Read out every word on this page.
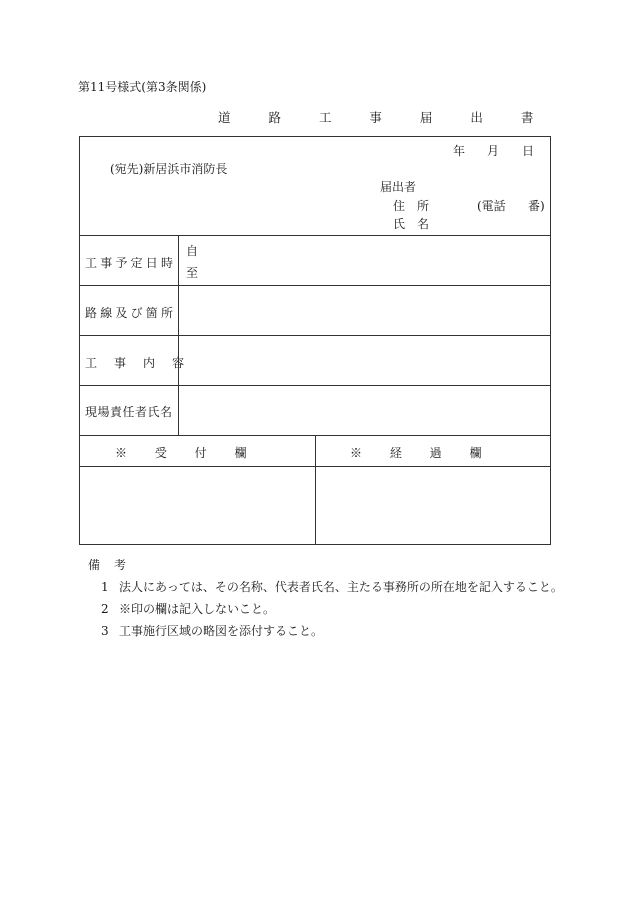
第11号様式(第3条関係)
道 路 工 事 届 出 書
年 月 日
(宛先)新居浜市消防長
届出者
住　所	(電話 番)
氏　名
工事予定日時
自
至
路線及び箇所
工事内容
現場責任者氏名
※ 受 付 欄	※ 経 過 欄
備考
1 法人にあっては、その名称、代表者氏名、主たる事務所の所在地を記入すること。
2 ※印の欄は記入しないこと。
3 工事施行区域の略図を添付すること。
